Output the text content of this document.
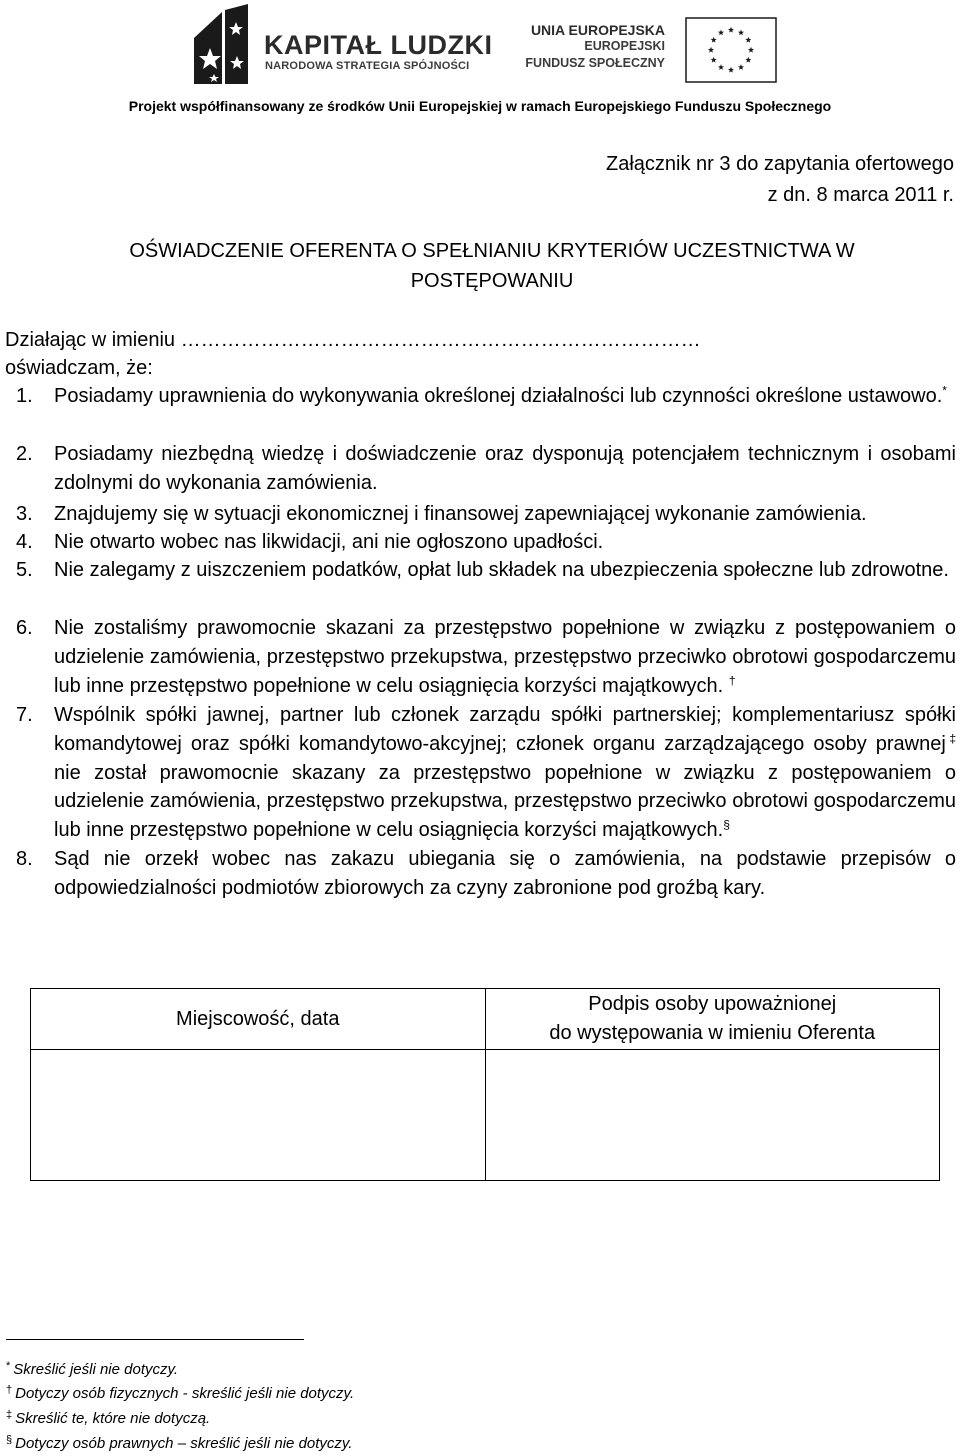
KAPITAŁ LUDZKI
NARODOWA STRATEGIA SPÓJNOŚCI
UNIA EUROPEJSKA
EUROPEJSKI
FUNDUSZ SPOŁECZNY
Projekt współfinansowany ze środków Unii Europejskiej w ramach Europejskiego Funduszu Społecznego
Załącznik nr 3 do zapytania ofertowego
z dn. 8 marca 2011 r.
OŚWIADCZENIE OFERENTA O SPEŁNIANIU KRYTERIÓW UCZESTNICTWA W
POSTĘPOWANIU
Działając w imieniu ……………………………………………………………………
oświadczam, że:
1. Posiadamy uprawnienia do wykonywania określonej działalności lub czynności określone ustawowo.*
2. Posiadamy niezbędną wiedzę i doświadczenie oraz dysponują potencjałem technicznym i osobami zdolnymi do wykonania zamówienia.
3. Znajdujemy się w sytuacji ekonomicznej i finansowej zapewniającej wykonanie zamówienia.
4. Nie otwarto wobec nas likwidacji, ani nie ogłoszono upadłości.
5. Nie zalegamy z uiszczeniem podatków, opłat lub składek na ubezpieczenia społeczne lub zdrowotne.
6. Nie zostaliśmy prawomocnie skazani za przestępstwo popełnione w związku z postępowaniem o udzielenie zamówienia, przestępstwo przekupstwa, przestępstwo przeciwko obrotowi gospodarczemu lub inne przestępstwo popełnione w celu osiągnięcia korzyści majątkowych. †
7. Wspólnik spółki jawnej, partner lub członek zarządu spółki partnerskiej; komplementariusz spółki komandytowej oraz spółki komandytowo-akcyjnej; członek organu zarządzającego osoby prawnej‡ nie został prawomocnie skazany za przestępstwo popełnione w związku z postępowaniem o udzielenie zamówienia, przestępstwo przekupstwa, przestępstwo przeciwko obrotowi gospodarczemu lub inne przestępstwo popełnione w celu osiągnięcia korzyści majątkowych.§
8. Sąd nie orzekł wobec nas zakazu ubiegania się o zamówienia, na podstawie przepisów o odpowiedzialności podmiotów zbiorowych za czyny zabronione pod groźbą kary.
Miejscowość, data	Podpis osoby upoważnionej
do występowania w imieniu Oferenta

* Skreślić jeśli nie dotyczy.
† Dotyczy osób fizycznych - skreślić jeśli nie dotyczy.
‡ Skreślić te, które nie dotyczą.
§ Dotyczy osób prawnych – skreślić jeśli nie dotyczy.
